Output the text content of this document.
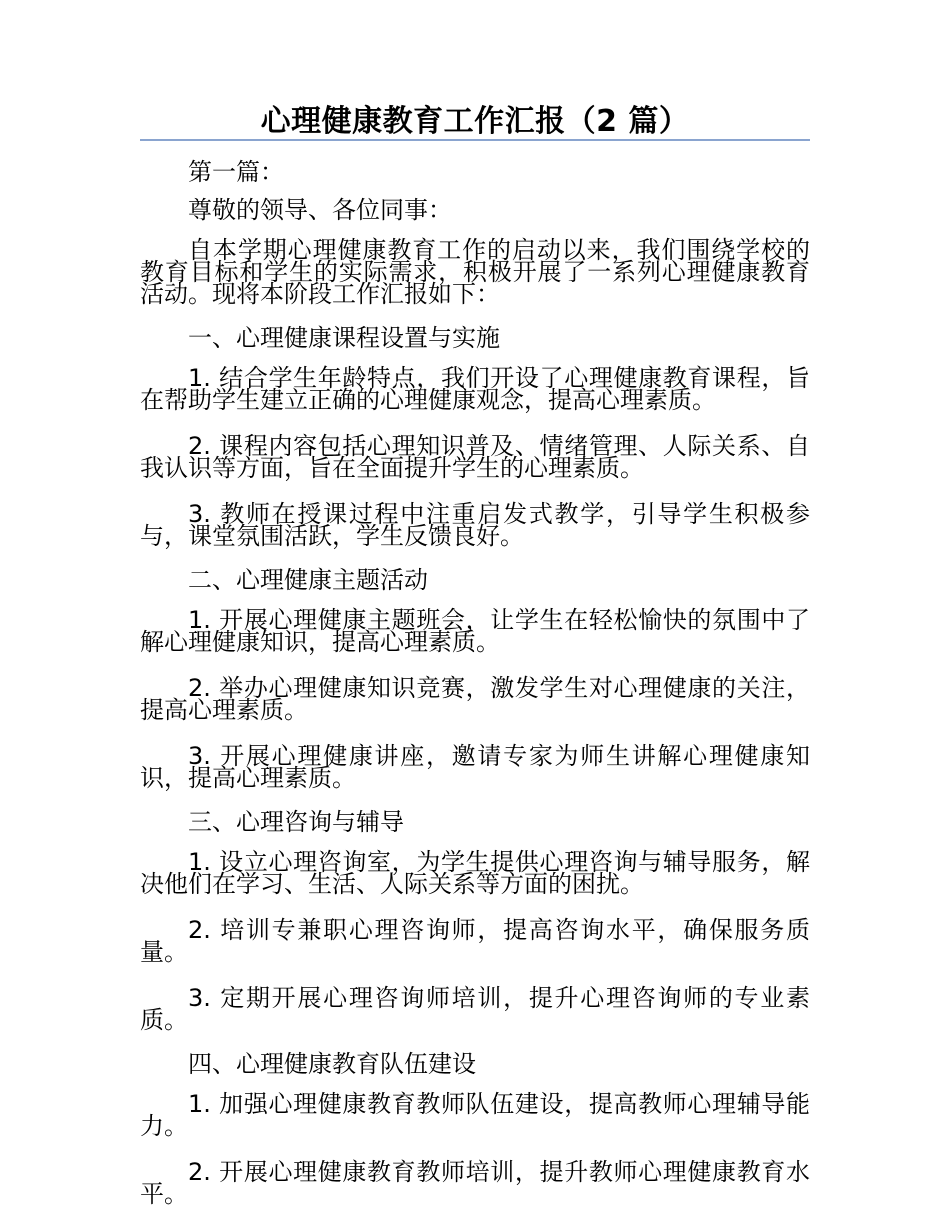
心理健康教育工作汇报（2 篇）

第一篇：

尊敬的领导、各位同事：

自本学期心理健康教育工作的启动以来，我们围绕学校的教育目标和学生的实际需求，积极开展了一系列心理健康教育活动。现将本阶段工作汇报如下：

一、心理健康课程设置与实施

1. 结合学生年龄特点，我们开设了心理健康教育课程，旨在帮助学生建立正确的心理健康观念，提高心理素质。

2. 课程内容包括心理知识普及、情绪管理、人际关系、自我认识等方面，旨在全面提升学生的心理素质。

3. 教师在授课过程中注重启发式教学，引导学生积极参与，课堂氛围活跃，学生反馈良好。

二、心理健康主题活动

1. 开展心理健康主题班会，让学生在轻松愉快的氛围中了解心理健康知识，提高心理素质。

2. 举办心理健康知识竞赛，激发学生对心理健康的关注，提高心理素质。

3. 开展心理健康讲座，邀请专家为师生讲解心理健康知识，提高心理素质。

三、心理咨询与辅导

1. 设立心理咨询室，为学生提供心理咨询与辅导服务，解决他们在学习、生活、人际关系等方面的困扰。

2. 培训专兼职心理咨询师，提高咨询水平，确保服务质量。

3. 定期开展心理咨询师培训，提升心理咨询师的专业素质。

四、心理健康教育队伍建设

1. 加强心理健康教育教师队伍建设，提高教师心理辅导能力。

2. 开展心理健康教育教师培训，提升教师心理健康教育水平。
